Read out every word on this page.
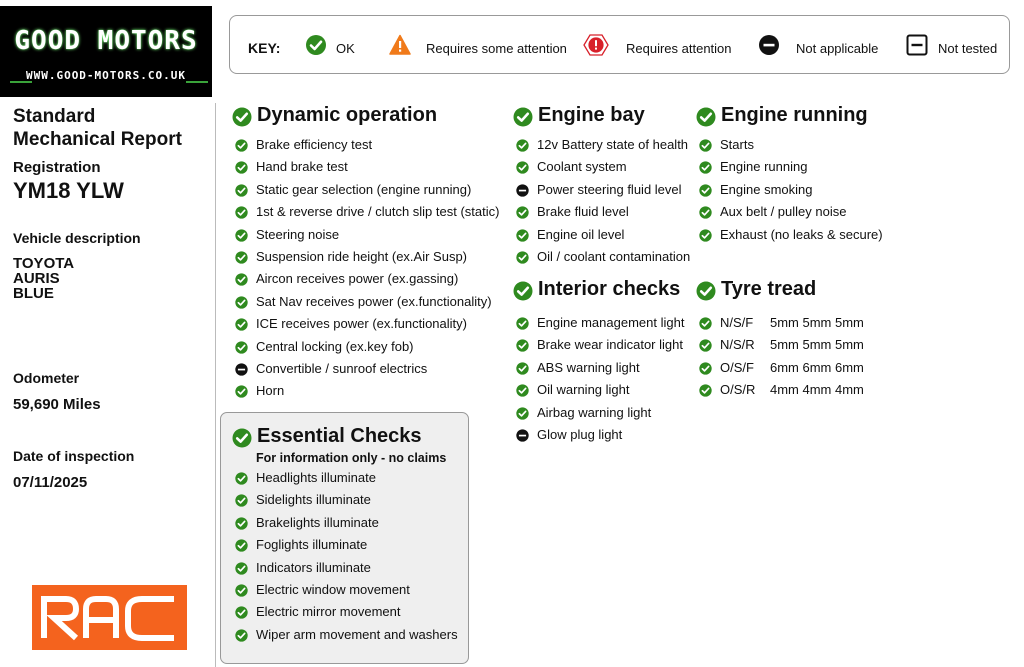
GOOD MOTORS
WWW.GOOD-MOTORS.CO.UK
KEY:	OK	Requires some attention	Requires attention	Not applicable	Not tested
Standard
Mechanical Report
Registration
YM18 YLW
Vehicle description
TOYOTA
AURIS
BLUE
Odometer
59,690 Miles
Date of inspection
07/11/2025
Dynamic operation
Brake efficiency test
Hand brake test
Static gear selection (engine running)
1st & reverse drive / clutch slip test (static)
Steering noise
Suspension ride height (ex.Air Susp)
Aircon receives power (ex.gassing)
Sat Nav receives power (ex.functionality)
ICE receives power (ex.functionality)
Central locking (ex.key fob)
Convertible / sunroof electrics
Horn
Essential Checks
For information only - no claims
Headlights illuminate
Sidelights illuminate
Brakelights illuminate
Foglights illuminate
Indicators illuminate
Electric window movement
Electric mirror movement
Wiper arm movement and washers
Engine bay
12v Battery state of health
Coolant system
Power steering fluid level
Brake fluid level
Engine oil level
Oil / coolant contamination
Interior checks
Engine management light
Brake wear indicator light
ABS warning light
Oil warning light
Airbag warning light
Glow plug light
Engine running
Starts
Engine running
Engine smoking
Aux belt / pulley noise
Exhaust (no leaks & secure)
Tyre tread
N/S/F 5mm 5mm 5mm
N/S/R 5mm 5mm 5mm
O/S/F 6mm 6mm 6mm
O/S/R 4mm 4mm 4mm
